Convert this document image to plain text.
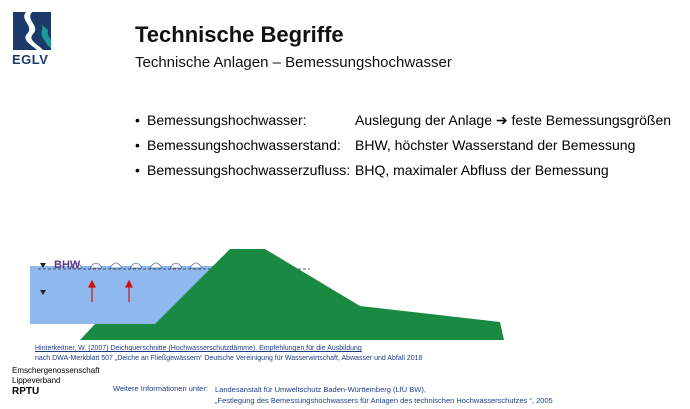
EGLV
Technische Begriffe
Technische Anlagen – Bemessungshochwasser
• Bemessungshochwasser:	Auslegung der Anlage ➔ feste Bemessungsgrößen
• Bemessungshochwasserstand: BHW, höchster Wasserstand der Bemessung
• Bemessungshochwasserzufluss: BHQ, maximaler Abfluss der Bemessung
BHW
Hinterkeitner, W. (2007) Deichquerschnitte (Hochwasserschutzdämme). Empfehlungen für die Ausbildung
nach DWA-Merkblatt 507 „Deiche an Fließgewässern“ Deutsche Vereinigung für Wasserwirtschaft, Abwasser und Abfall 2018
Emschergenossenschaft
Lippeverband
RPTU	Weitere Informationen unter: Landesanstalt für Umweltschutz Baden-Württemberg (LfU BW),
„Festlegung des Bemessungshochwassers für Anlagen des technischen Hochwasserschutzes “, 2005
